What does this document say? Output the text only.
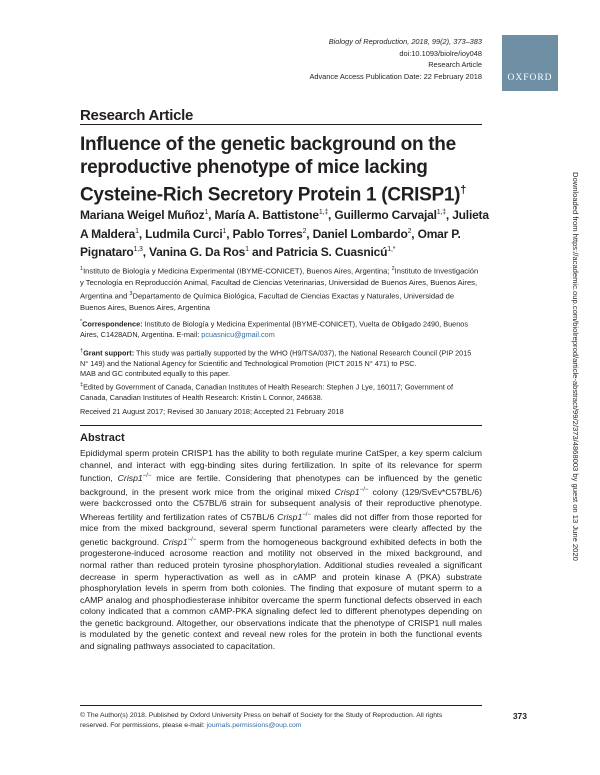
Biology of Reproduction, 2018, 99(2), 373–383
doi:10.1093/biolre/ioy048
Research Article
Advance Access Publication Date: 22 February 2018	OXFORD
Research Article
Influence of the genetic background on the reproductive phenotype of mice lacking Cysteine-Rich Secretory Protein 1 (CRISP1)†
Mariana Weigel Muñoz$^1$, María A. Battistone$^{1,\ddagger}$, Guillermo Carvajal$^{1,\ddagger}$, Julieta A Maldera$^1$, Ludmila Curci$^1$, Pablo Torres$^2$, Daniel Lombardo$^2$, Omar P. Pignataro$^{1,3}$, Vanina G. Da Ros$^1$ and Patricia S. Cuasnicú$^{1,*}$
$^1$Instituto de Biología y Medicina Experimental (IBYME-CONICET), Buenos Aires, Argentina; $^2$Instituto de Investigación y Tecnología en Reproducción Animal, Facultad de Ciencias Veterinarias, Universidad de Buenos Aires, Buenos Aires, Argentina and $^3$Departamento de Química Biológica, Facultad de Ciencias Exactas y Naturales, Universidad de Buenos Aires, Buenos Aires, Argentina
*Correspondence: Instituto de Biología y Medicina Experimental (IBYME-CONICET), Vuelta de Obligado 2490, Buenos Aires, C1428ADN, Argentina. E-mail: pcuasnicu@gmail.com
†Grant support: This study was partially supported by the WHO (H9/TSA/037), the National Research Council (PIP 2015 N° 149) and the National Agency for Scientific and Technological Promotion (PICT 2015 N° 471) to PSC.
MAB and GC contributed equally to this paper.
‡Edited by Government of Canada, Canadian Institutes of Health Research: Stephen J Lye, 160117; Government of Canada, Canadian Institutes of Health Research: Kristin L Connor, 246638.
Received 21 August 2017; Revised 30 January 2018; Accepted 21 February 2018
Abstract
Epididymal sperm protein CRISP1 has the ability to both regulate murine CatSper, a key sperm calcium channel, and interact with egg-binding sites during fertilization. In spite of its relevance for sperm function, Crisp1−/− mice are fertile. Considering that phenotypes can be influenced by the genetic background, in the present work mice from the original mixed Crisp1−/− colony (129/SvEv*C57BL/6) were backcrossed onto the C57BL/6 strain for subsequent analysis of their reproductive phenotype. Whereas fertility and fertilization rates of C57BL/6 Crisp1−/− males did not differ from those reported for mice from the mixed background, several sperm functional parameters were clearly affected by the genetic background. Crisp1−/− sperm from the homogeneous background exhibited defects in both the progesterone-induced acrosome reaction and motility not observed in the mixed background, and normal rather than reduced protein tyrosine phosphorylation. Additional studies revealed a significant decrease in sperm hyperactivation as well as in cAMP and protein kinase A (PKA) substrate phosphorylation levels in sperm from both colonies. The finding that exposure of mutant sperm to a cAMP analog and phosphodiesterase inhibitor overcame the sperm functional defects observed in each colony indicated that a common cAMP-PKA signaling defect led to different phenotypes depending on the genetic background. Altogether, our observations indicate that the phenotype of CRISP1 null males is modulated by the genetic context and reveal new roles for the protein in both the functional events and signaling pathways associated to capacitation.
© The Author(s) 2018. Published by Oxford University Press on behalf of Society for the Study of Reproduction. All rights reserved. For permissions, please e-mail: journals.permissions@oup.com
373
Downloaded from https://academic.oup.com/biolreprod/article-abstract/99/2/373/4868003 by guest on 13 June 2020
